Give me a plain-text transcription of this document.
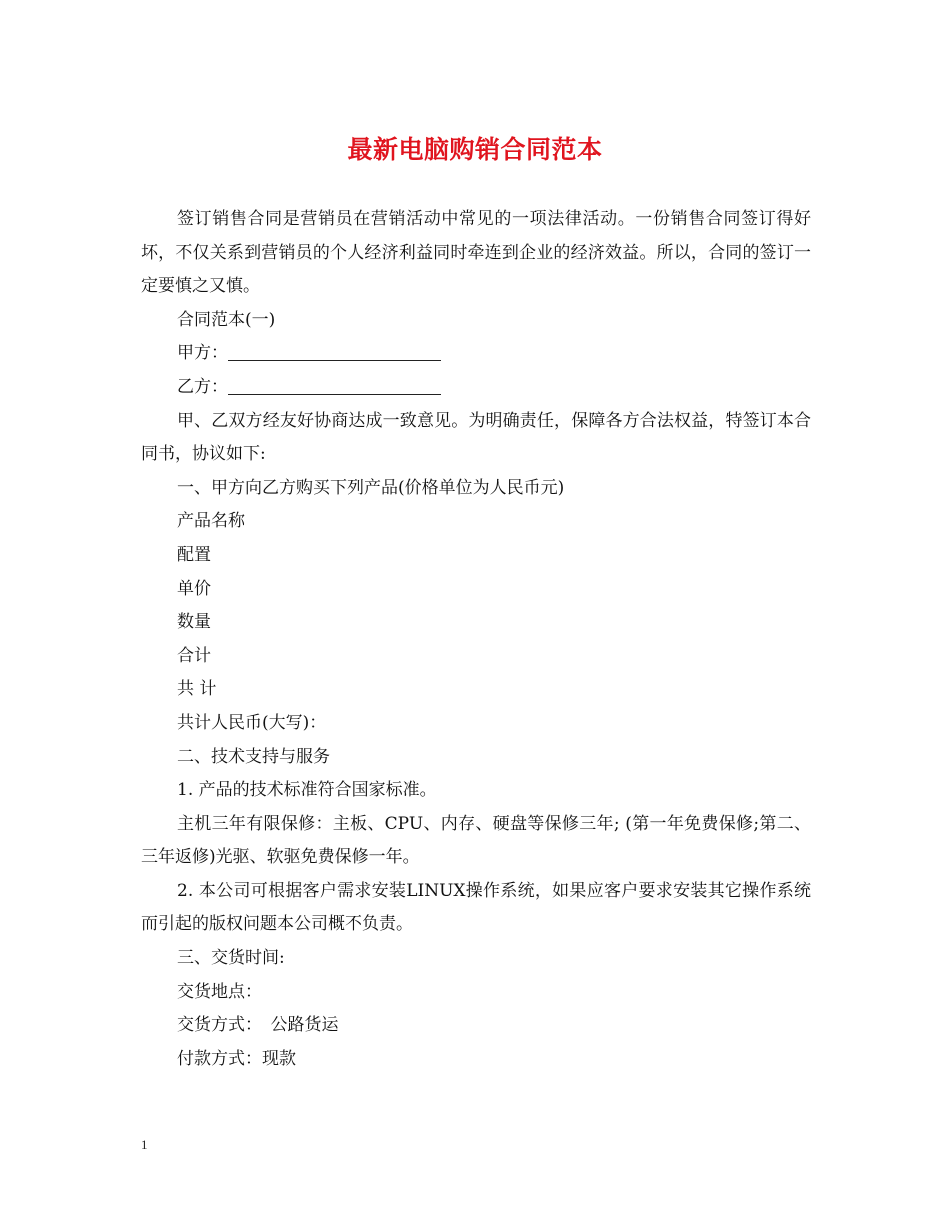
最新电脑购销合同范本

签订销售合同是营销员在营销活动中常见的一项法律活动。一份销售合同签订得好坏，不仅关系到营销员的个人经济利益同时牵连到企业的经济效益。所以，合同的签订一定要慎之又慎。

合同范本(一)

甲方：

乙方：

甲、乙双方经友好协商达成一致意见。为明确责任，保障各方合法权益，特签订本合同书，协议如下:

一、甲方向乙方购买下列产品(价格单位为人民币元)

产品名称

配置

单价

数量

合计

共 计

共计人民币(大写)：

二、技术支持与服务

1. 产品的技术标准符合国家标准。

主机三年有限保修：主板、CPU、内存、硬盘等保修三年; (第一年免费保修;第二、三年返修)光驱、软驱免费保修一年。

2. 本公司可根据客户需求安装LINUX操作系统，如果应客户要求安装其它操作系统而引起的版权问题本公司概不负责。

三、交货时间:

交货地点：

交货方式：　公路货运

付款方式：现款

1
